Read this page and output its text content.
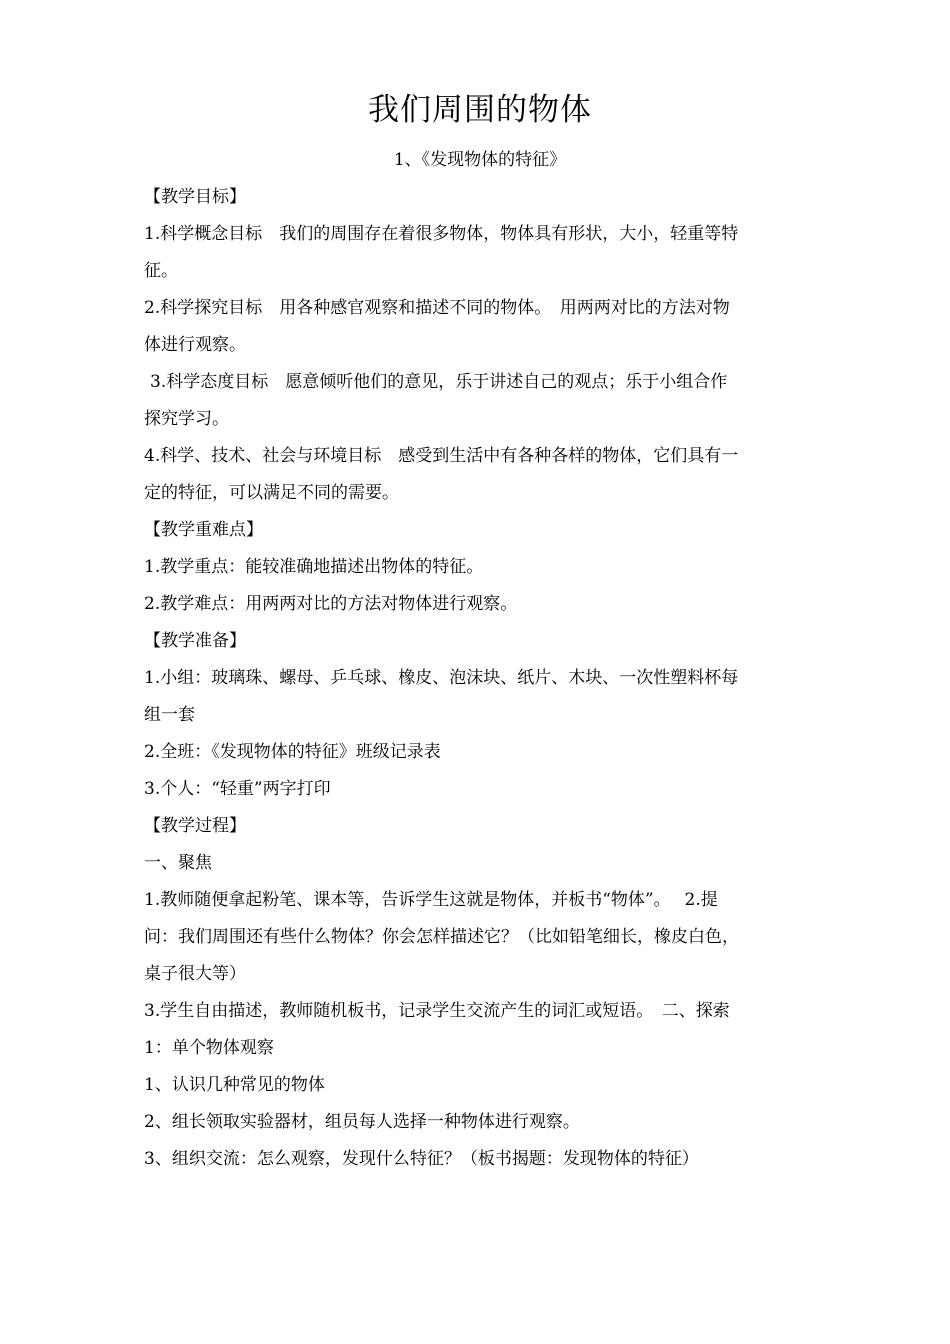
我们周围的物体
1、《发现物体的特征》
【教学目标】
1.科学概念目标　我们的周围存在着很多物体，物体具有形状，大小，轻重等特
征。
2.科学探究目标　用各种感官观察和描述不同的物体。　用两两对比的方法对物
体进行观察。
3.科学态度目标　愿意倾听他们的意见，乐于讲述自己的观点；乐于小组合作
探究学习。
4.科学、技术、社会与环境目标　感受到生活中有各种各样的物体，它们具有一
定的特征，可以满足不同的需要。
【教学重难点】
1.教学重点：能较准确地描述出物体的特征。
2.教学难点：用两两对比的方法对物体进行观察。
【教学准备】
1.小组：玻璃珠、螺母、乒乓球、橡皮、泡沫块、纸片、木块、一次性塑料杯每
组一套
2.全班：《发现物体的特征》班级记录表
3.个人：“轻重”两字打印
【教学过程】
一、聚焦
1.教师随便拿起粉笔、课本等，告诉学生这就是物体，并板书“物体”。　 2.提
问：我们周围还有些什么物体？你会怎样描述它？（比如铅笔细长，橡皮白色，
桌子很大等）
3.学生自由描述，教师随机板书，记录学生交流产生的词汇或短语。　二、探索
1：单个物体观察
1、认识几种常见的物体
2、组长领取实验器材，组员每人选择一种物体进行观察。
3、组织交流：怎么观察，发现什么特征？（板书揭题：发现物体的特征）
